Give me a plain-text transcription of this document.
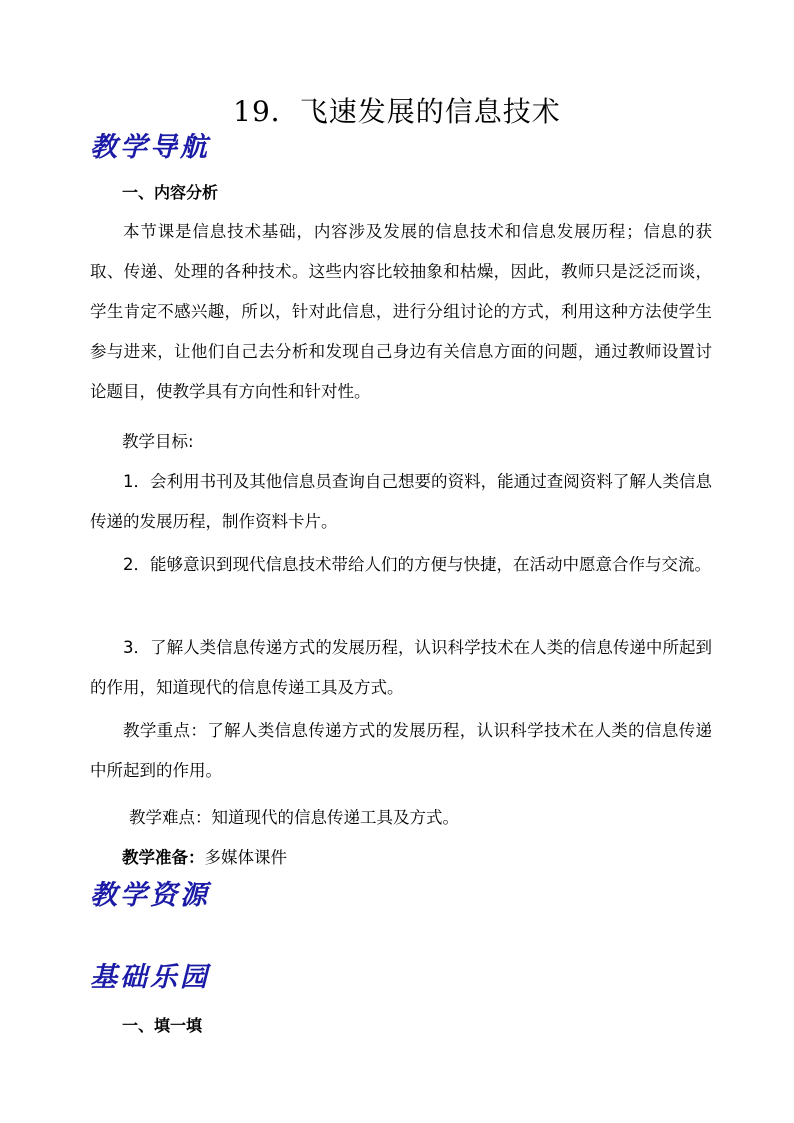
19．飞速发展的信息技术
教学导航
一、内容分析

本节课是信息技术基础，内容涉及发展的信息技术和信息发展历程；信息的获取、传递、处理的各种技术。这些内容比较抽象和枯燥，因此，教师只是泛泛而谈，学生肯定不感兴趣，所以，针对此信息，进行分组讨论的方式，利用这种方法使学生参与进来，让他们自己去分析和发现自己身边有关信息方面的问题，通过教师设置讨论题目，使教学具有方向性和针对性。

教学目标:

1．会利用书刊及其他信息员查询自己想要的资料，能通过查阅资料了解人类信息传递的发展历程，制作资料卡片。

2．能够意识到现代信息技术带给人们的方便与快捷，在活动中愿意合作与交流。

3．了解人类信息传递方式的发展历程，认识科学技术在人类的信息传递中所起到的作用，知道现代的信息传递工具及方式。

教学重点：了解人类信息传递方式的发展历程，认识科学技术在人类的信息传递中所起到的作用。

教学难点：知道现代的信息传递工具及方式。
教学准备：多媒体课件
教学资源
基础乐园
一、填一填
